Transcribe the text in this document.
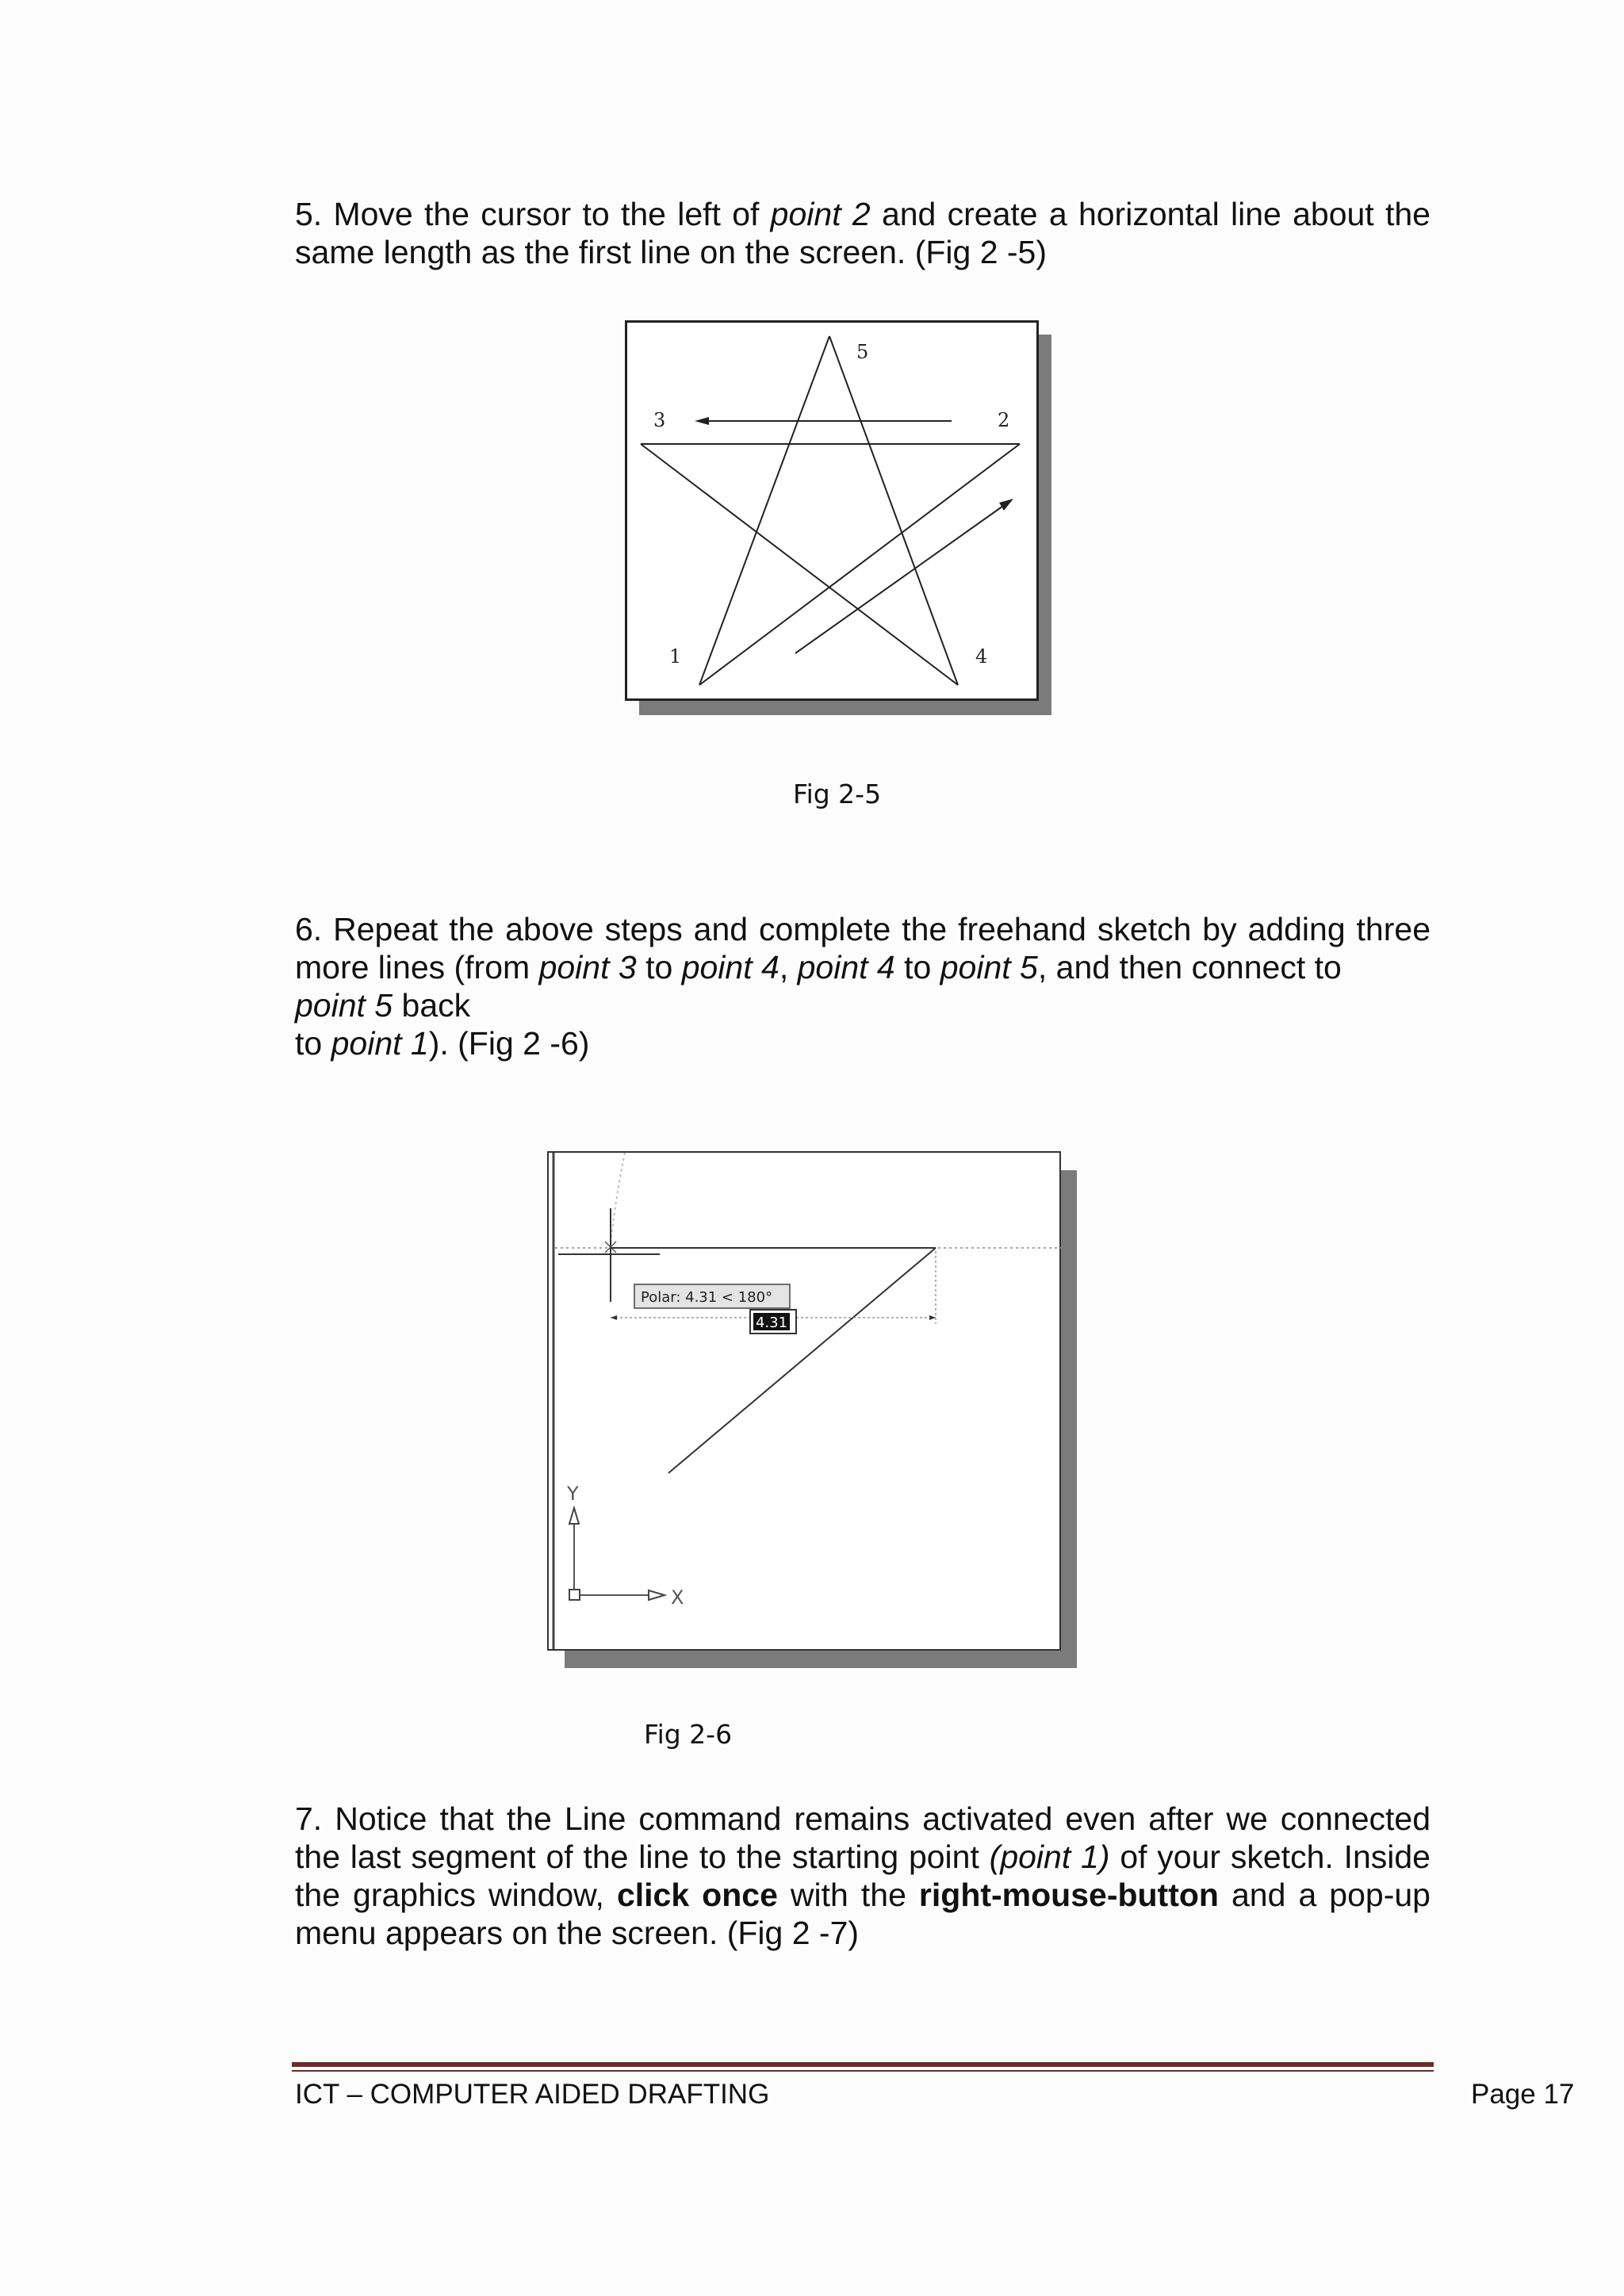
5. Move the cursor to the left of point 2 and create a horizontal line about the same length as the first line on the screen. (Fig 2 -5)

3	2
5
1	4
Fig 2-5

6. Repeat the above steps and complete the freehand sketch by adding three more lines (from point 3 to point 4, point 4 to point 5, and then connect to
point 5 back
to point 1). (Fig 2 -6)

Polar: 4.31 < 180°
4.31
Y
X
Fig 2-6

7. Notice that the Line command remains activated even after we connected the last segment of the line to the starting point (point 1) of your sketch. Inside the graphics window, click once with the right-mouse-button and a pop-up menu appears on the screen. (Fig 2 -7)

ICT – COMPUTER AIDED DRAFTING	Page 17
